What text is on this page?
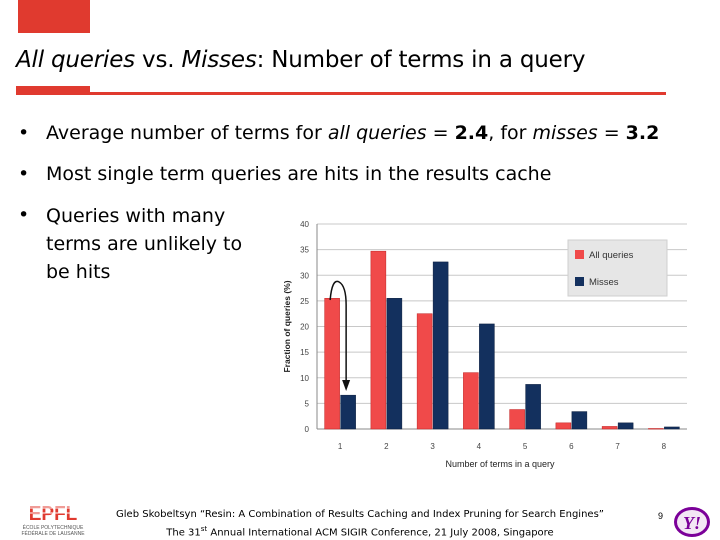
All queries vs. Misses: Number of terms in a query
• Average number of terms for all queries = 2.4, for misses = 3.2
• Most single term queries are hits in the results cache
• Queries with many terms are unlikely to be hits
0
5
10
15
20
25
30
35
40
1	2	3	4	5	6	7	8
Number of terms in a query
Fraction of queries (%)
All queries
Misses
EPFL
ÉCOLE POLYTECHNIQUE
FÉDÉRALE DE LAUSANNE
Gleb Skobeltsyn “Resin: A Combination of Results Caching and Index Pruning for Search Engines”
The 31st Annual International ACM SIGIR Conference, 21 July 2008, Singapore
9 Y!
